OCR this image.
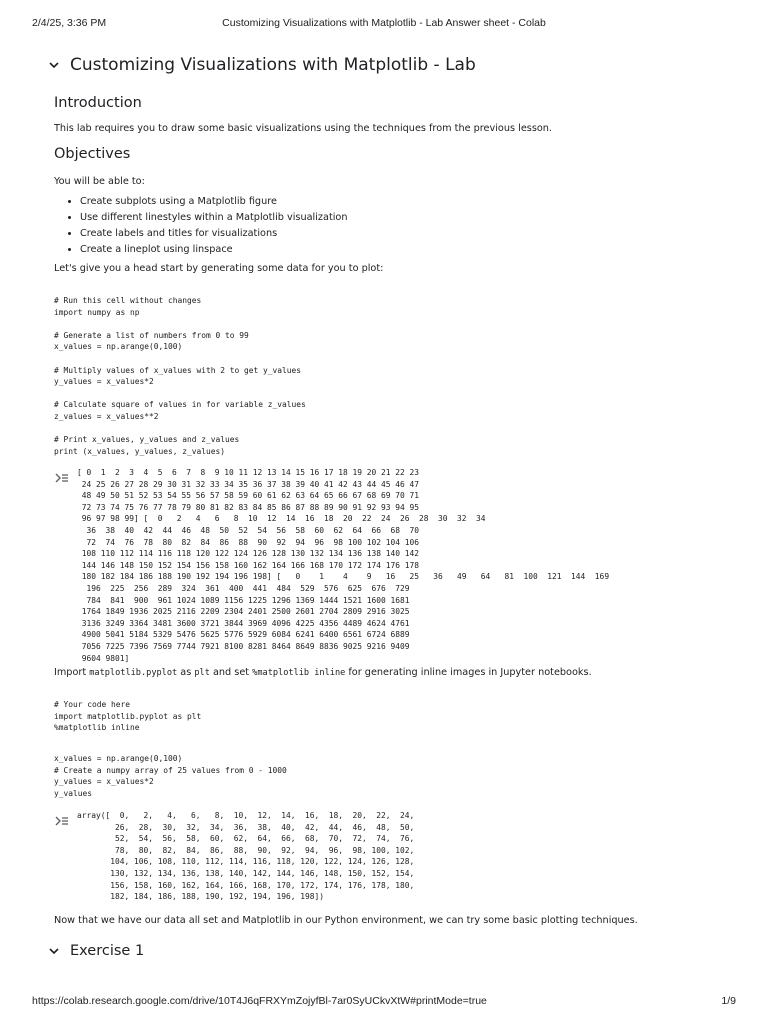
2/4/25, 3:36 PM	Customizing Visualizations with Matplotlib - Lab Answer sheet - Colab
Customizing Visualizations with Matplotlib - Lab
Introduction
This lab requires you to draw some basic visualizations using the techniques from the previous lesson.
Objectives
You will be able to:
• Create subplots using a Matplotlib figure
• Use different linestyles within a Matplotlib visualization
• Create labels and titles for visualizations
• Create a lineplot using linspace
Let's give you a head start by generating some data for you to plot:
# Run this cell without changes
import numpy as np

# Generate a list of numbers from 0 to 99
x_values = np.arange(0,100)

# Multiply values of x_values with 2 to get y_values
y_values = x_values*2

# Calculate square of values in for variable z_values
z_values = x_values**2

# Print x_values, y_values and z_values
print (x_values, y_values, z_values)
[ 0  1  2  3  4  5  6  7  8  9 10 11 12 13 14 15 16 17 18 19 20 21 22 23
24 25 26 27 28 29 30 31 32 33 34 35 36 37 38 39 40 41 42 43 44 45 46 47
48 49 50 51 52 53 54 55 56 57 58 59 60 61 62 63 64 65 66 67 68 69 70 71
72 73 74 75 76 77 78 79 80 81 82 83 84 85 86 87 88 89 90 91 92 93 94 95
96 97 98 99] [  0   2   4   6   8  10  12  14  16  18  20  22  24  26  28  30  32  34
36  38  40  42  44  46  48  50  52  54  56  58  60  62  64  66  68  70
72  74  76  78  80  82  84  86  88  90  92  94  96  98 100 102 104 106
108 110 112 114 116 118 120 122 124 126 128 130 132 134 136 138 140 142
144 146 148 150 152 154 156 158 160 162 164 166 168 170 172 174 176 178
180 182 184 186 188 190 192 194 196 198] [   0    1    4    9   16   25   36   49   64   81  100  121  144  169
196  225  256  289  324  361  400  441  484  529  576  625  676  729
784  841  900  961 1024 1089 1156 1225 1296 1369 1444 1521 1600 1681
1764 1849 1936 2025 2116 2209 2304 2401 2500 2601 2704 2809 2916 3025
3136 3249 3364 3481 3600 3721 3844 3969 4096 4225 4356 4489 4624 4761
4900 5041 5184 5329 5476 5625 5776 5929 6084 6241 6400 6561 6724 6889
7056 7225 7396 7569 7744 7921 8100 8281 8464 8649 8836 9025 9216 9409
9604 9801]
Import matplotlib.pyplot as plt and set %matplotlib inline for generating inline images in Jupyter notebooks.
# Your code here
import matplotlib.pyplot as plt
%matplotlib inline
x_values = np.arange(0,100)
# Create a numpy array of 25 values from 0 - 1000
y_values = x_values*2
y_values
array([  0,   2,   4,   6,   8,  10,  12,  14,  16,  18,  20,  22,  24,
26,  28,  30,  32,  34,  36,  38,  40,  42,  44,  46,  48,  50,
52,  54,  56,  58,  60,  62,  64,  66,  68,  70,  72,  74,  76,
78,  80,  82,  84,  86,  88,  90,  92,  94,  96,  98, 100, 102,
104, 106, 108, 110, 112, 114, 116, 118, 120, 122, 124, 126, 128,
130, 132, 134, 136, 138, 140, 142, 144, 146, 148, 150, 152, 154,
156, 158, 160, 162, 164, 166, 168, 170, 172, 174, 176, 178, 180,
182, 184, 186, 188, 190, 192, 194, 196, 198])
Now that we have our data all set and Matplotlib in our Python environment, we can try some basic plotting techniques.
Exercise 1
https://colab.research.google.com/drive/10T4J6qFRXYmZojyfBl-7ar0SyUCkvXtW#printMode=true	1/9
